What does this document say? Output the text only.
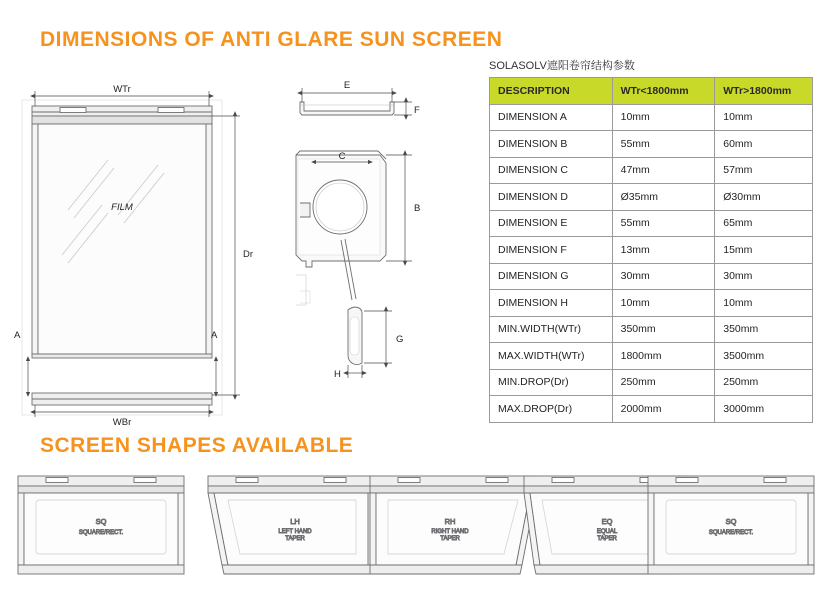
DIMENSIONS OF ANTI GLARE SUN SCREEN
SCREEN SHAPES AVAILABLE
SOLASOLV遮阳卷帘结构参数
DESCRIPTION	WTr<1800mm	WTr>1800mm
DIMENSION A	10mm	10mm
DIMENSION B	55mm	60mm
DIMENSION C	47mm	57mm
DIMENSION D	Ø35mm	Ø30mm
DIMENSION E	55mm	65mm
DIMENSION F	13mm	15mm
DIMENSION G	30mm	30mm
DIMENSION H	10mm	10mm
MIN.WIDTH(WTr)	350mm	350mm
MAX.WIDTH(WTr)	1800mm	3500mm
MIN.DROP(Dr)	250mm	250mm
MAX.DROP(Dr)	2000mm	3000mm
FILM
WTr
WBr
Dr
A	A
E
F
C
B
G
H
SQ
SQUARE/RECT.
LH
LEFT HAND
TAPER
RH
RIGHT HAND
TAPER
EQ
EQUAL
TAPER
SQ
SQUARE/RECT.
